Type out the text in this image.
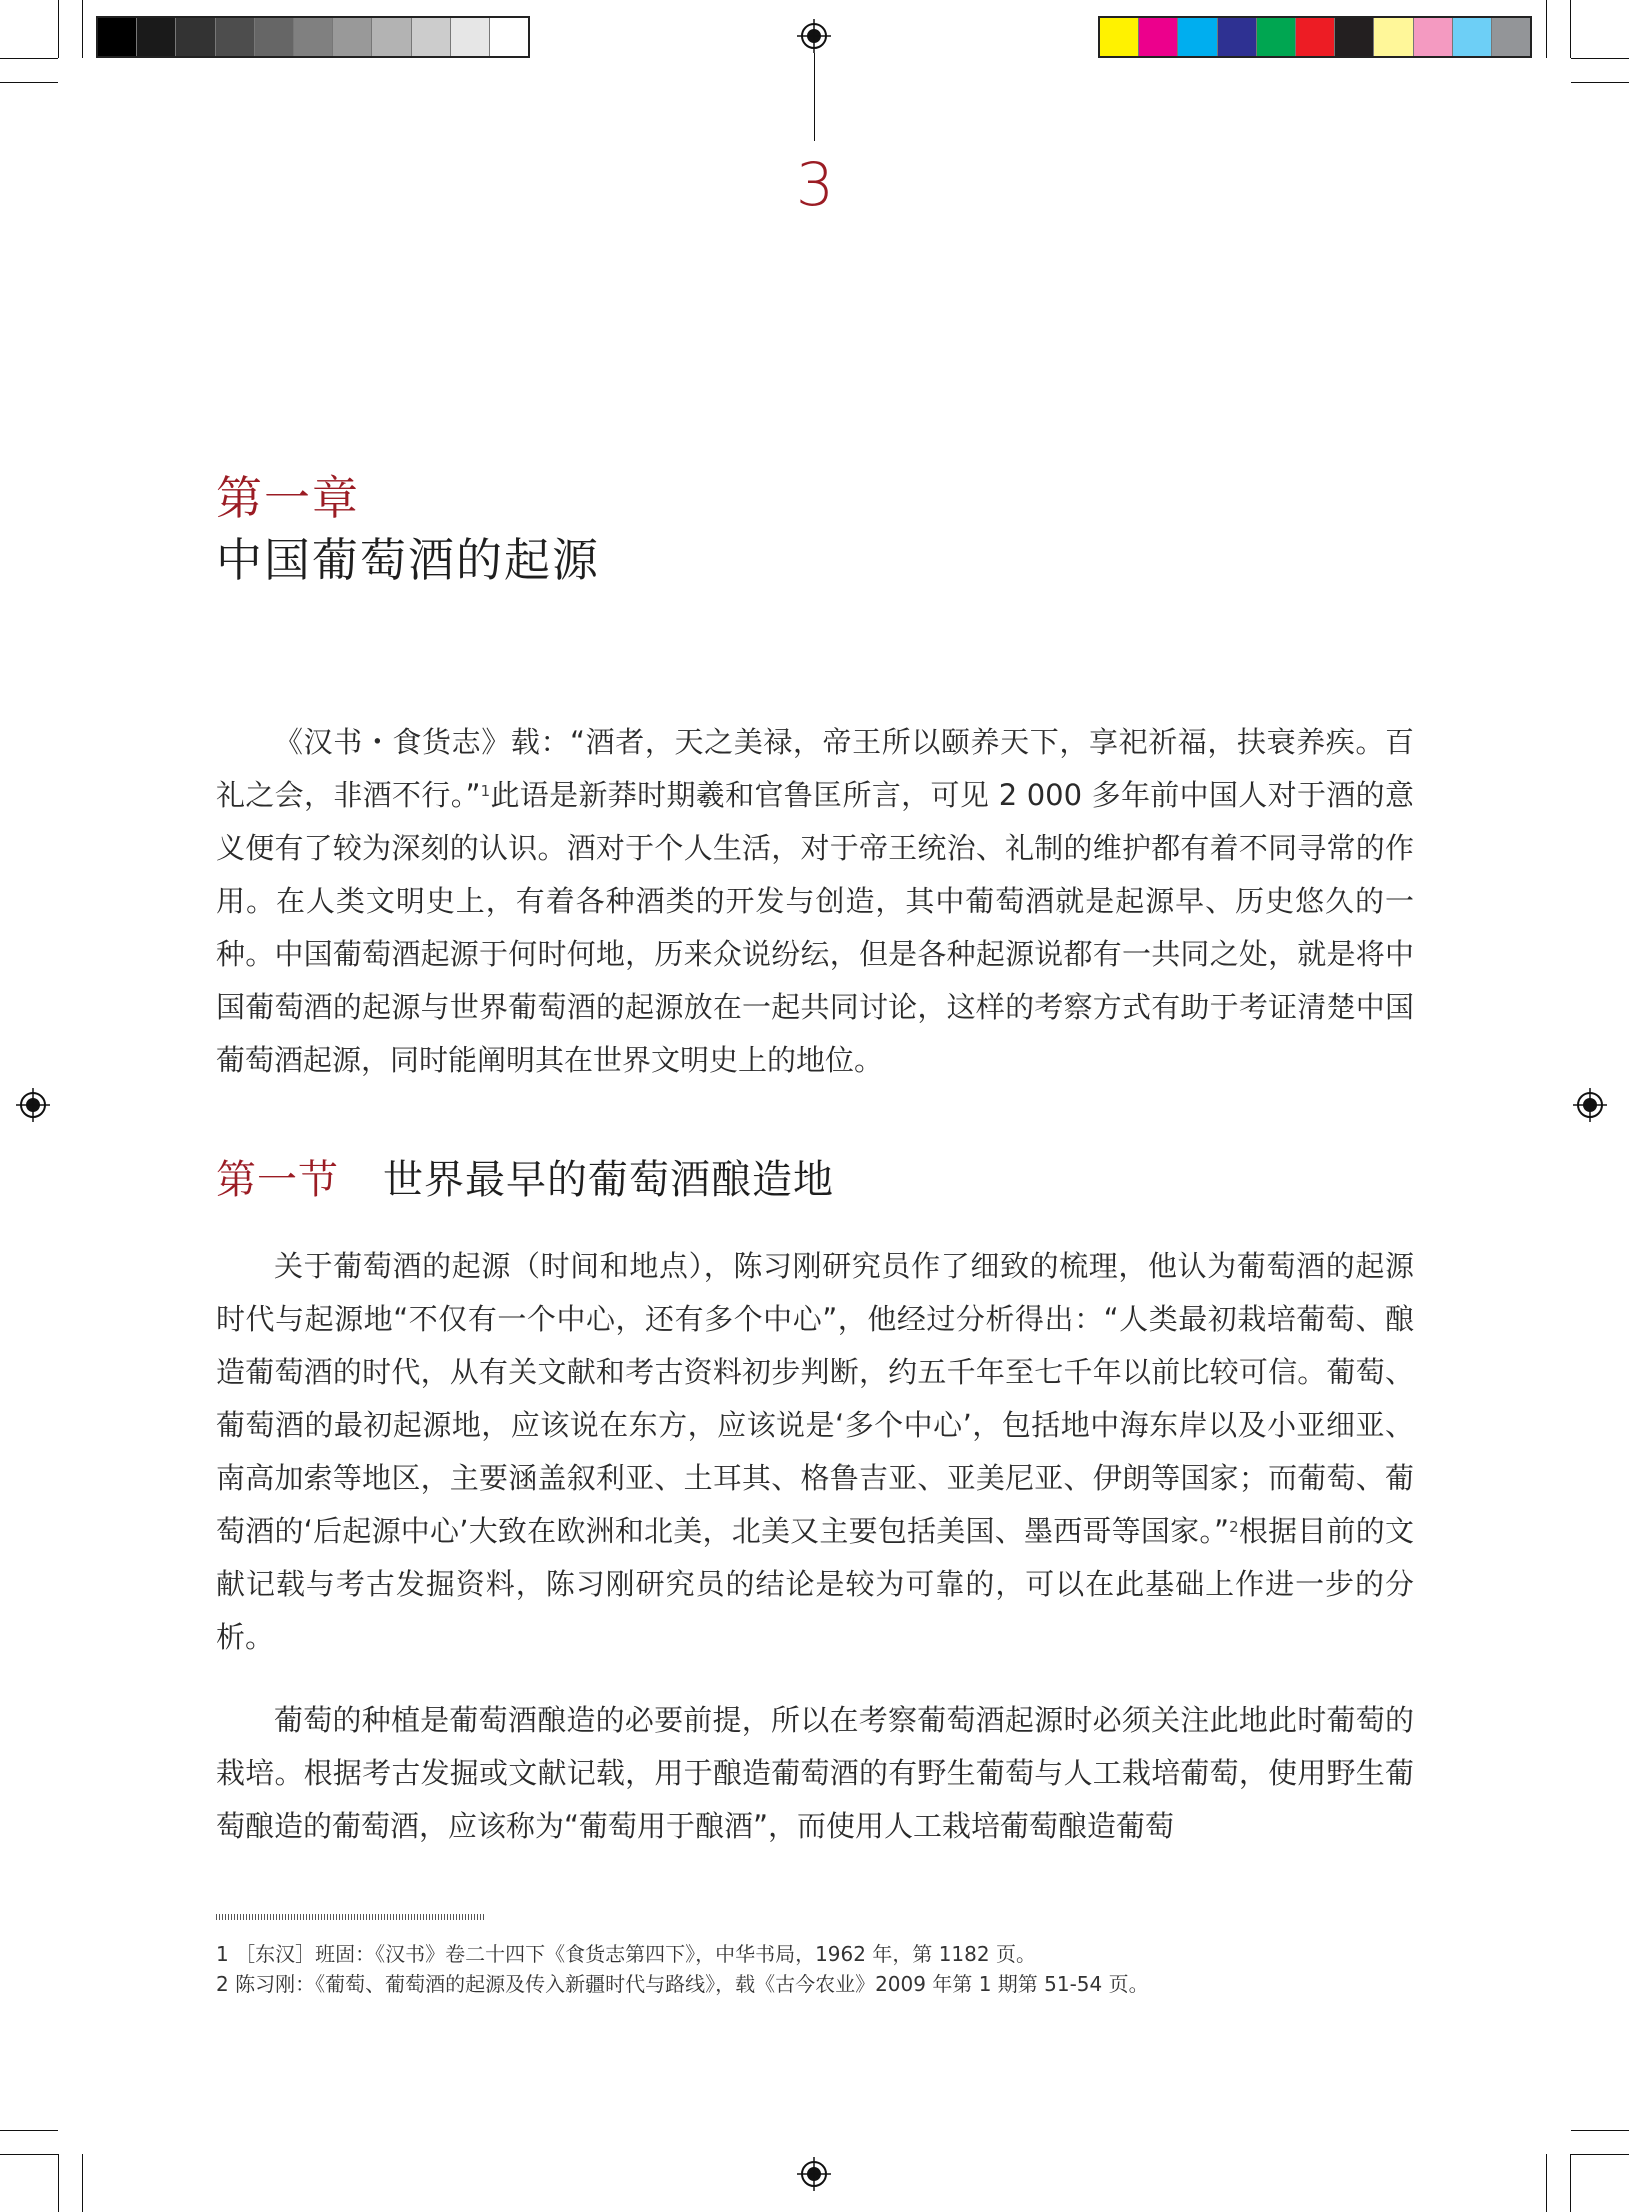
3
第一章
中国葡萄酒的起源

《汉书・食货志》载：“酒者，天之美禄，帝王所以颐养天下，享祀祈福，扶衰养疾。百礼之会，非酒不行。”$^1$此语是新莽时期羲和官鲁匡所言，可见 2 000 多年前中国人对于酒的意义便有了较为深刻的认识。酒对于个人生活，对于帝王统治、礼制的维护都有着不同寻常的作用。在人类文明史上，有着各种酒类的开发与创造，其中葡萄酒就是起源早、历史悠久的一种。中国葡萄酒起源于何时何地，历来众说纷纭，但是各种起源说都有一共同之处，就是将中国葡萄酒的起源与世界葡萄酒的起源放在一起共同讨论，这样的考察方式有助于考证清楚中国葡萄酒起源，同时能阐明其在世界文明史上的地位。

第一节 世界最早的葡萄酒酿造地

关于葡萄酒的起源（时间和地点），陈习刚研究员作了细致的梳理，他认为葡萄酒的起源时代与起源地“不仅有一个中心，还有多个中心”，他经过分析得出：“人类最初栽培葡萄、酿造葡萄酒的时代，从有关文献和考古资料初步判断，约五千年至七千年以前比较可信。葡萄、葡萄酒的最初起源地，应该说在东方，应该说是‘多个中心’，包括地中海东岸以及小亚细亚、南高加索等地区，主要涵盖叙利亚、土耳其、格鲁吉亚、亚美尼亚、伊朗等国家；而葡萄、葡萄酒的‘后起源中心’大致在欧洲和北美，北美又主要包括美国、墨西哥等国家。”$^2$根据目前的文献记载与考古发掘资料，陈习刚研究员的结论是较为可靠的，可以在此基础上作进一步的分析。

葡萄的种植是葡萄酒酿造的必要前提，所以在考察葡萄酒起源时必须关注此地此时葡萄的栽培。根据考古发掘或文献记载，用于酿造葡萄酒的有野生葡萄与人工栽培葡萄，使用野生葡萄酿造的葡萄酒，应该称为“葡萄用于酿酒”，而使用人工栽培葡萄酿造葡萄

1 ［东汉］班固：《汉书》卷二十四下《食货志第四下》，中华书局，1962 年，第 1182 页。
2 陈习刚：《葡萄、葡萄酒的起源及传入新疆时代与路线》，载《古今农业》2009 年第 1 期第 51-54 页。
